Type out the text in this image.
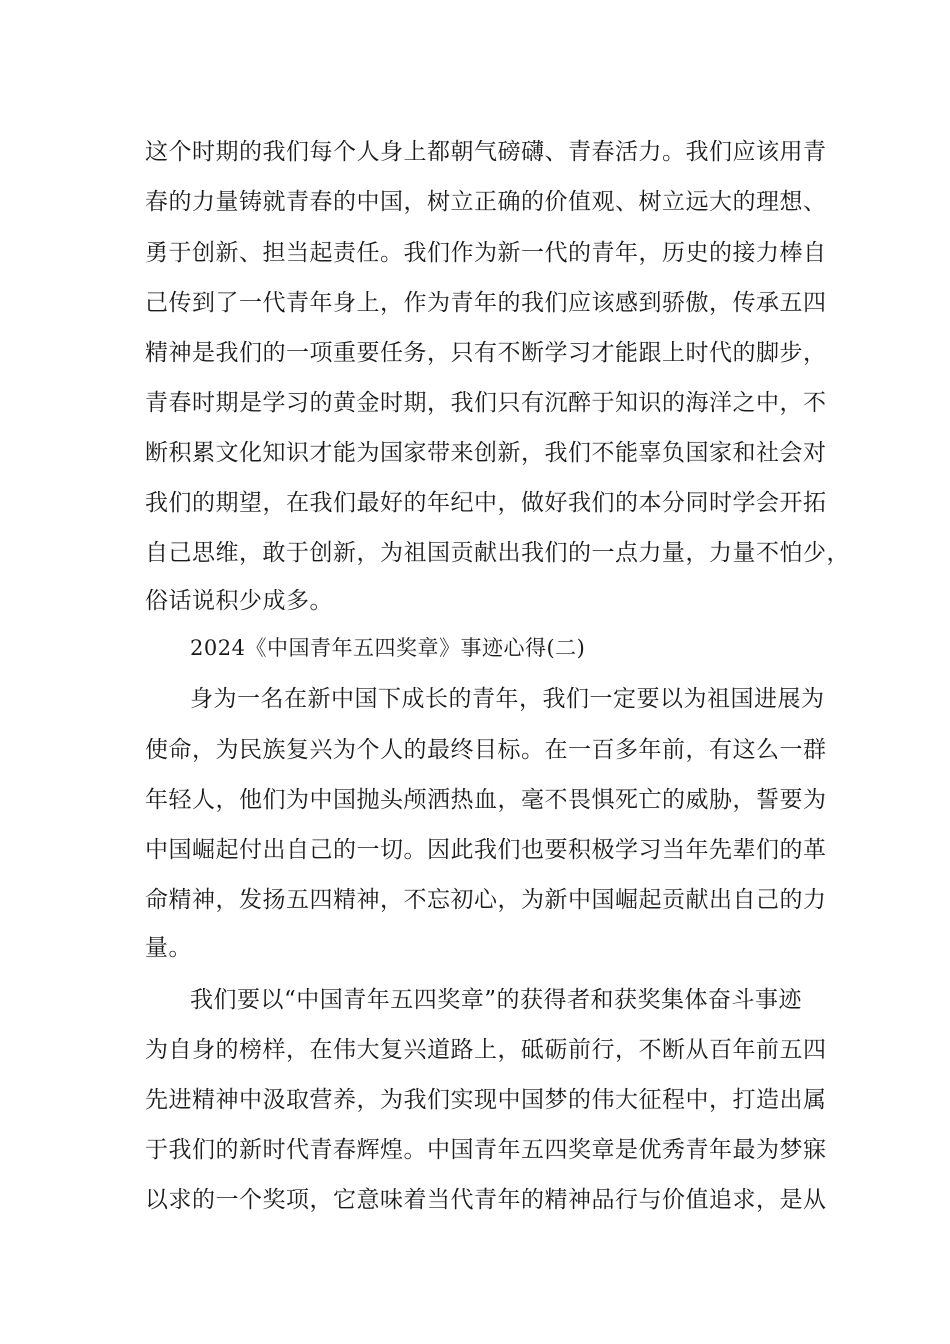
这个时期的我们每个人身上都朝气磅礴、青春活力。我们应该用青
春的力量铸就青春的中国，树立正确的价值观、树立远大的理想、
勇于创新、担当起责任。我们作为新一代的青年，历史的接力棒自
己传到了一代青年身上，作为青年的我们应该感到骄傲，传承五四
精神是我们的一项重要任务，只有不断学习才能跟上时代的脚步，
青春时期是学习的黄金时期，我们只有沉醉于知识的海洋之中，不
断积累文化知识才能为国家带来创新，我们不能辜负国家和社会对
我们的期望，在我们最好的年纪中，做好我们的本分同时学会开拓
自己思维，敢于创新，为祖国贡献出我们的一点力量，力量不怕少，
俗话说积少成多。
2024《中国青年五四奖章》事迹心得(二)
身为一名在新中国下成长的青年，我们一定要以为祖国进展为
使命，为民族复兴为个人的最终目标。在一百多年前，有这么一群
年轻人，他们为中国抛头颅洒热血，毫不畏惧死亡的威胁，誓要为
中国崛起付出自己的一切。因此我们也要积极学习当年先辈们的革
命精神，发扬五四精神，不忘初心，为新中国崛起贡献出自己的力
量。
我们要以“中国青年五四奖章”的获得者和获奖集体奋斗事迹
为自身的榜样，在伟大复兴道路上，砥砺前行，不断从百年前五四
先进精神中汲取营养，为我们实现中国梦的伟大征程中，打造出属
于我们的新时代青春辉煌。中国青年五四奖章是优秀青年最为梦寐
以求的一个奖项，它意味着当代青年的精神品行与价值追求，是从
